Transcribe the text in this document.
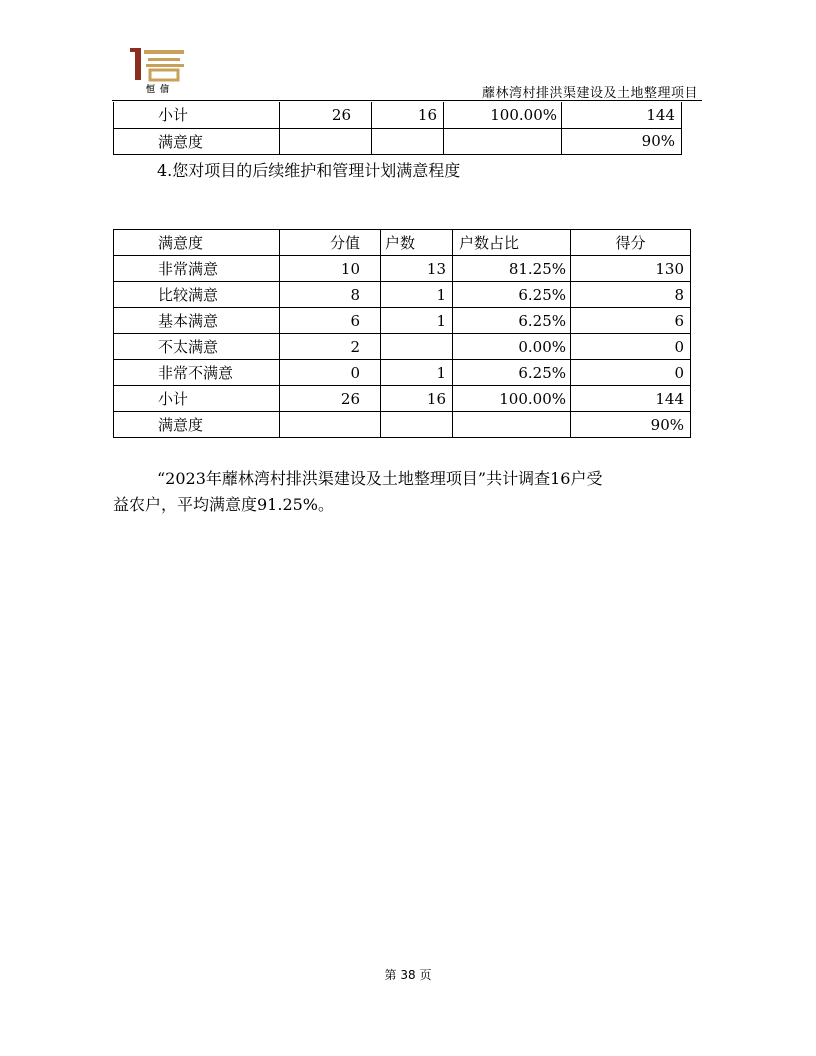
恒信	蘼林湾村排洪渠建设及土地整理项目
小计	26	16	100.00%	144
满意度				90%
4.您对项目的后续维护和管理计划满意程度
满意度	分值	户数	户数占比	得分
非常满意	10	13	81.25%	130
比较满意	8	1	6.25%	8
基本满意	6	1	6.25%	6
不太满意	2		0.00%	0
非常不满意	0	1	6.25%	0
小计	26	16	100.00%	144
满意度				90%
“2023年蘼林湾村排洪渠建设及土地整理项目”共计调查16户受
益农户，平均满意度91.25%。
第 38 页
